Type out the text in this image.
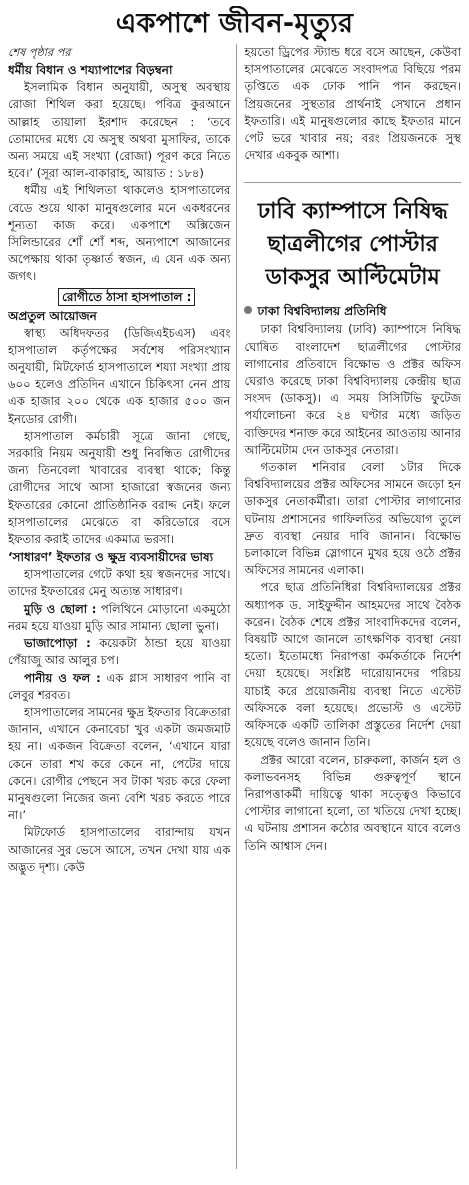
একপাশে জীবন-মৃত্যুর

শেষ পৃষ্ঠার পর

ধর্মীয় বিধান ও শয্যাপাশের বিড়ম্বনা

ইসলামিক বিধান অনুযায়ী, অসুস্থ অবস্থায় রোজা শিথিল করা হয়েছে। পবিত্র কুরআনে আল্লাহ তায়ালা ইরশাদ করেছেন : ‘তবে তোমাদের মধ্যে যে অসুস্থ অথবা মুসাফির, তাকে অন্য সময়ে এই সংখ্যা (রোজা) পূরণ করে নিতে হবে।’ (সূরা আল-বাকারাহ, আয়াত : ১৮৪)

ধর্মীয় এই শিথিলতা থাকলেও হাসপাতালের বেডে শুয়ে থাকা মানুষগুলোর মনে একধরনের শূন্যতা কাজ করে। একপাশে অক্সিজেন সিলিন্ডারের শোঁ শোঁ শব্দ, অন্যপাশে আজানের অপেক্ষায় থাকা তৃষ্ণার্ত স্বজন, এ যেন এক অন্য জগৎ।

রোগীতে ঠাসা হাসপাতাল :

অপ্রতুল আয়োজন

স্বাস্থ্য অধিদফতর (ডিজিএইচএস) এবং হাসপাতাল কর্তৃপক্ষের সর্বশেষ পরিসংখ্যান অনুযায়ী, মিটফোর্ড হাসপাতালে শয্যা সংখ্যা প্রায় ৬০০ হলেও প্রতিদিন এখানে চিকিৎসা নেন প্রায় এক হাজার ২০০ থেকে এক হাজার ৫০০ জন ইনডোর রোগী।

হাসপাতাল কর্মচারী সূত্রে জানা গেছে, সরকারি নিয়ম অনুযায়ী শুধু নিবন্ধিত রোগীদের জন্য তিনবেলা খাবারের ব্যবস্থা থাকে; কিন্তু রোগীদের সাথে আসা হাজারো স্বজনের জন্য ইফতারের কোনো প্রাতিষ্ঠানিক বরাদ্দ নেই। ফলে হাসপাতালের মেঝেতে বা করিডোরে বসে ইফতার করাই তাদের একমাত্র ভরসা।

‘সাধারণ’ ইফতার ও ক্ষুদ্র ব্যবসায়ীদের ভাষ্য

হাসপাতালের গেটে কথা হয় স্বজনদের সাথে। তাদের ইফতারের মেনু অত্যন্ত সাধারণ।

মুড়ি ও ছোলা : পলিথিনে মোড়ানো একমুঠো নরম হয়ে যাওয়া মুড়ি আর সামান্য ছোলা ভুনা।

ভাজাপোড়া : কয়েকটা ঠান্ডা হয়ে যাওয়া পেঁয়াজু আর আলুর চপ।

পানীয় ও ফল : এক গ্লাস সাধারণ পানি বা লেবুর শরবত।

হাসপাতালের সামনের ক্ষুদ্র ইফতার বিক্রেতারা জানান, এখানে কেনাবেচা খুব একটা জমজমাট হয় না। একজন বিক্রেতা বলেন, ‘এখানে যারা কেনে তারা শখ করে কেনে না, পেটের দায়ে কেনে। রোগীর পেছনে সব টাকা খরচ করে ফেলা মানুষগুলো নিজের জন্য বেশি খরচ করতে পারে না।’

মিটফোর্ড হাসপাতালের বারান্দায় যখন আজানের সুর ভেসে আসে, তখন দেখা যায় এক অদ্ভুত দৃশ্য। কেউ

হয়তো ড্রিপের স্ট্যান্ড ধরে বসে আছেন, কেউবা হাসপাতালের মেঝেতে সংবাদপত্র বিছিয়ে পরম তৃপ্তিতে এক ঢোক পানি পান করছেন। প্রিয়জনের সুস্থতার প্রার্থনাই সেখানে প্রধান ইফতারি। এই মানুষগুলোর কাছে ইফতার মানে পেট ভরে খাবার নয়; বরং প্রিয়জনকে সুস্থ দেখার একবুক আশা।

ঢাবি ক্যাম্পাসে নিষিদ্ধ ছাত্রলীগের পোস্টার ডাকসুর আল্টিমেটাম

ঢাকা বিশ্ববিদ্যালয় প্রতিনিধি

ঢাকা বিশ্ববিদ্যালয় (ঢাবি) ক্যাম্পাসে নিষিদ্ধ ঘোষিত বাংলাদেশ ছাত্রলীগের পোস্টার লাগানোর প্রতিবাদে বিক্ষোভ ও প্রক্টর অফিস ঘেরাও করেছে ঢাকা বিশ্ববিদ্যালয় কেন্দ্রীয় ছাত্র সংসদ (ডাকসু)। এ সময় সিসিটিভি ফুটেজ পর্যালোচনা করে ২৪ ঘণ্টার মধ্যে জড়িত ব্যক্তিদের শনাক্ত করে আইনের আওতায় আনার আল্টিমেটাম দেন ডাকসুর নেতারা।

গতকাল শনিবার বেলা ১টার দিকে বিশ্ববিদ্যালয়ের প্রক্টর অফিসের সামনে জড়ো হন ডাকসুর নেতাকর্মীরা। তারা পোস্টার লাগানোর ঘটনায় প্রশাসনের গাফিলতির অভিযোগ তুলে দ্রুত ব্যবস্থা নেয়ার দাবি জানান। বিক্ষোভ চলাকালে বিভিন্ন স্লোগানে মুখর হয়ে ওঠে প্রক্টর অফিসের সামনের এলাকা।

পরে ছাত্র প্রতিনিধিরা বিশ্ববিদ্যালয়ের প্রক্টর অধ্যাপক ড. সাইফুদ্দীন আহমদের সাথে বৈঠক করেন। বৈঠক শেষে প্রক্টর সাংবাদিকদের বলেন, বিষয়টি আগে জানলে তাৎক্ষণিক ব্যবস্থা নেয়া হতো। ইতোমধ্যে নিরাপত্তা কর্মকর্তাকে নির্দেশ দেয়া হয়েছে। সংশ্লিষ্ট দারোয়ানদের পরিচয় যাচাই করে প্রয়োজনীয় ব্যবস্থা নিতে এস্টেট অফিসকে বলা হয়েছে। প্রভোস্ট ও এস্টেট অফিসকে একটি তালিকা প্রস্তুতের নির্দেশ দেয়া হয়েছে বলেও জানান তিনি।

প্রক্টর আরো বলেন, চারুকলা, কার্জন হল ও কলাভবনসহ বিভিন্ন গুরুত্বপূর্ণ স্থানে নিরাপত্তাকর্মী দায়িত্বে থাকা সত্ত্বেও কিভাবে পোস্টার লাগানো হলো, তা খতিয়ে দেখা হচ্ছে। এ ঘটনায় প্রশাসন কঠোর অবস্থানে যাবে বলেও তিনি আশ্বাস দেন।
